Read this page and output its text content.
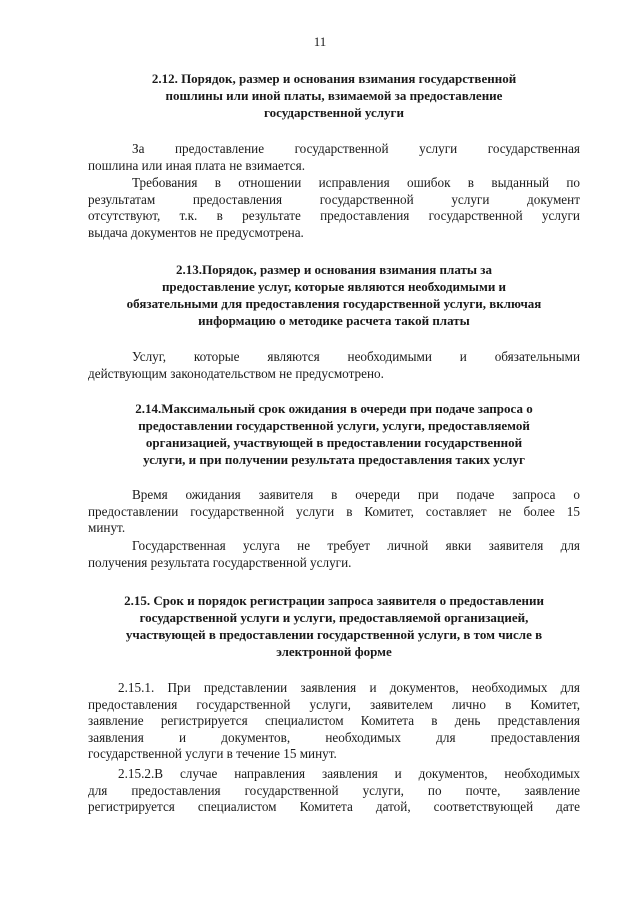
11
2.12. Порядок, размер и основания взимания государственной
пошлины или иной платы, взимаемой за предоставление
государственной услуги
За предоставление государственной услуги государственная
пошлина или иная плата не взимается.
Требования в отношении исправления ошибок в выданный по
результатам предоставления государственной услуги документ
отсутствуют, т.к. в результате предоставления государственной услуги
выдача документов не предусмотрена.
2.13.Порядок, размер и основания взимания платы за
предоставление услуг, которые являются необходимыми и
обязательными для предоставления государственной услуги, включая
информацию о методике расчета такой платы
Услуг, которые являются необходимыми и обязательными
действующим законодательством не предусмотрено.
2.14.Максимальный срок ожидания в очереди при подаче запроса о
предоставлении государственной услуги, услуги, предоставляемой
организацией, участвующей в предоставлении государственной
услуги, и при получении результата предоставления таких услуг
Время ожидания заявителя в очереди при подаче запроса о
предоставлении государственной услуги в Комитет, составляет не более 15
минут.
Государственная услуга не требует личной явки заявителя для
получения результата государственной услуги.
2.15. Срок и порядок регистрации запроса заявителя о предоставлении
государственной услуги и услуги, предоставляемой организацией,
участвующей в предоставлении государственной услуги, в том числе в
электронной форме
2.15.1. При представлении заявления и документов, необходимых для
предоставления государственной услуги, заявителем лично в Комитет,
заявление регистрируется специалистом Комитета в день представления
заявления и документов, необходимых для предоставления
государственной услуги в течение 15 минут.
2.15.2.В случае направления заявления и документов, необходимых
для предоставления государственной услуги, по почте, заявление
регистрируется специалистом Комитета датой, соответствующей дате
